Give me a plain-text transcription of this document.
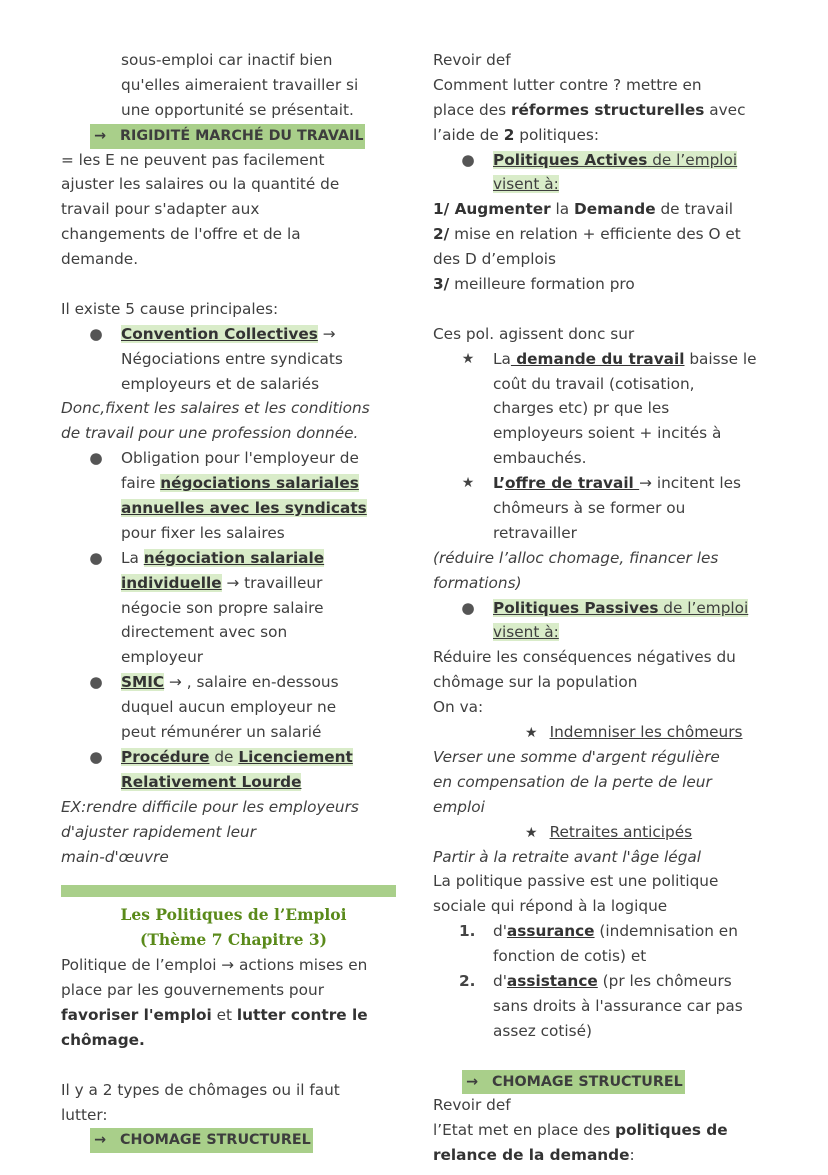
sous-emploi car inactif bien
qu'elles aimeraient travailler si
une opportunité se présentait.
→ RIGIDITÉ MARCHÉ DU TRAVAIL
= les E ne peuvent pas facilement
ajuster les salaires ou la quantité de
travail pour s'adapter aux
changements de l'offre et de la
demande.
Il existe 5 cause principales:
● Convention Collectives →
Négociations entre syndicats
employeurs et de salariés
Donc,fixent les salaires et les conditions
de travail pour une profession donnée.
● Obligation pour l'employeur de
faire négociations salariales
annuelles avec les syndicats
pour fixer les salaires
● La négociation salariale
individuelle → travailleur
négocie son propre salaire
directement avec son
employeur
● SMIC → , salaire en-dessous
duquel aucun employeur ne
peut rémunérer un salarié
● Procédure de Licenciement
Relativement Lourde
EX:rendre difficile pour les employeurs
d'ajuster rapidement leur
main-d'œuvre
Les Politiques de l’Emploi
(Thème 7 Chapitre 3)
Politique de l’emploi → actions mises en
place par les gouvernements pour
favoriser l'emploi et lutter contre le
chômage.
Il y a 2 types de chômages ou il faut
lutter:
→ CHOMAGE STRUCTUREL
Revoir def
Comment lutter contre ? mettre en
place des réformes structurelles avec
l’aide de 2 politiques:
● Politiques Actives de l’emploi
visent à:
1/ Augmenter la Demande de travail
2/ mise en relation + efficiente des O et
des D d’emplois
3/ meilleure formation pro
Ces pol. agissent donc sur
★ La demande du travail baisse le
coût du travail (cotisation,
charges etc) pr que les
employeurs soient + incités à
embauchés.
★ L’offre de travail → incitent les
chômeurs à se former ou
retravailler
(réduire l’alloc chomage, financer les
formations)
● Politiques Passives de l’emploi
visent à:
Réduire les conséquences négatives du
chômage sur la population
On va:
★ Indemniser les chômeurs
Verser une somme d'argent régulière
en compensation de la perte de leur
emploi
★ Retraites anticipés
Partir à la retraite avant l'âge légal
La politique passive est une politique
sociale qui répond à la logique
1. d'assurance (indemnisation en
fonction de cotis) et
2. d'assistance (pr les chômeurs
sans droits à l'assurance car pas
assez cotisé)
→ CHOMAGE STRUCTUREL
Revoir def
l’Etat met en place des politiques de
relance de la demande:
